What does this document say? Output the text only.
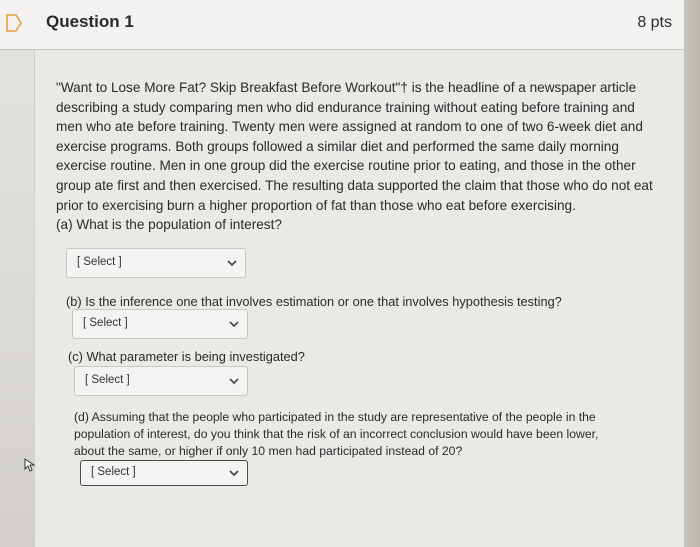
Question 1	8 pts
"Want to Lose More Fat? Skip Breakfast Before Workout"† is the headline of a newspaper article
describing a study comparing men who did endurance training without eating before training and
men who ate before training. Twenty men were assigned at random to one of two 6-week diet and
exercise programs. Both groups followed a similar diet and performed the same daily morning
exercise routine. Men in one group did the exercise routine prior to eating, and those in the other
group ate first and then exercised. The resulting data supported the claim that those who do not eat
prior to exercising burn a higher proportion of fat than those who eat before exercising.
(a) What is the population of interest?
[ Select ]
(b) Is the inference one that involves estimation or one that involves hypothesis testing?
[ Select ]
(c) What parameter is being investigated?
[ Select ]
(d) Assuming that the people who participated in the study are representative of the people in the
population of interest, do you think that the risk of an incorrect conclusion would have been lower,
about the same, or higher if only 10 men had participated instead of 20?
[ Select ]
